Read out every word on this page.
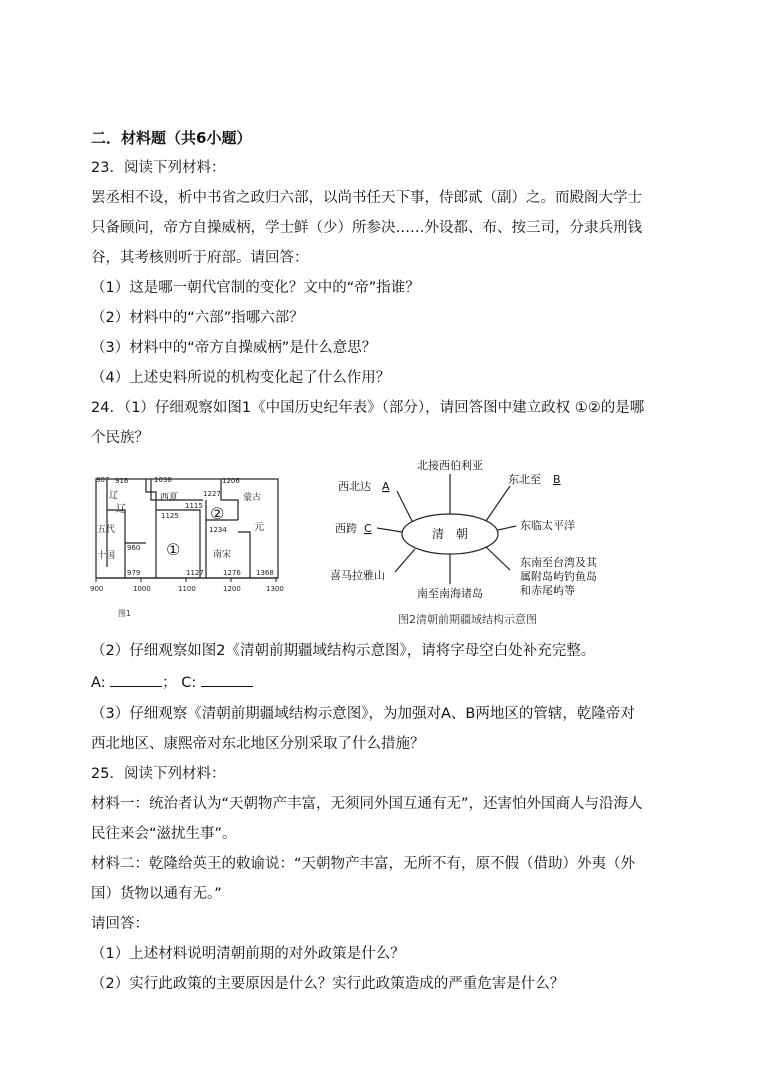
二．材料题（共6小题）
23．阅读下列材料：
罢丞相不设，析中书省之政归六部，以尚书任天下事，侍郎贰（副）之。而殿阁大学士
只备顾问，帝方自操威柄，学士鲜（少）所参决……外设都、布、按三司，分隶兵刑钱
谷，其考核则听于府部。请回答：
（1）这是哪一朝代官制的变化？文中的“帝”指谁？
（2）材料中的“六部”指哪六部？
（3）材料中的“帝方自操威柄”是什么意思？
（4）上述史料所说的机构变化起了什么作用？
24．（1）仔细观察如图1《中国历史纪年表》（部分），请回答图中建立政权 ①②的是哪
个民族？
907 916
960
979
1038
1115
1125
1127
1206
1227
1234
1276 1368
900	1000	1100	1200	1300
辽	西夏	蒙古
辽
元
南宋
五代
十国	①
②
图1
清　朝
北接西伯利亚
西北达 A
东北至 B
西跨 C	东临太平洋
喜马拉雅山
南至南海诸岛
东南至台湾及其
属附岛屿钓鱼岛
和赤尾屿等
图2清朝前期疆域结构示意图
（2）仔细观察如图2《清朝前期疆域结构示意图》，请将字母空白处补充完整。
A:	； C:
（3）仔细观察《清朝前期疆域结构示意图》，为加强对A、B两地区的管辖，乾隆帝对
西北地区、康熙帝对东北地区分别采取了什么措施？
25．阅读下列材料：
材料一：统治者认为“天朝物产丰富，无须同外国互通有无”，还害怕外国商人与沿海人
民往来会“滋扰生事”。
材料二：乾隆给英王的敕谕说：“天朝物产丰富，无所不有，原不假（借助）外夷（外
国）货物以通有无。”
请回答：
（1）上述材料说明清朝前期的对外政策是什么？
（2）实行此政策的主要原因是什么？实行此政策造成的严重危害是什么？
